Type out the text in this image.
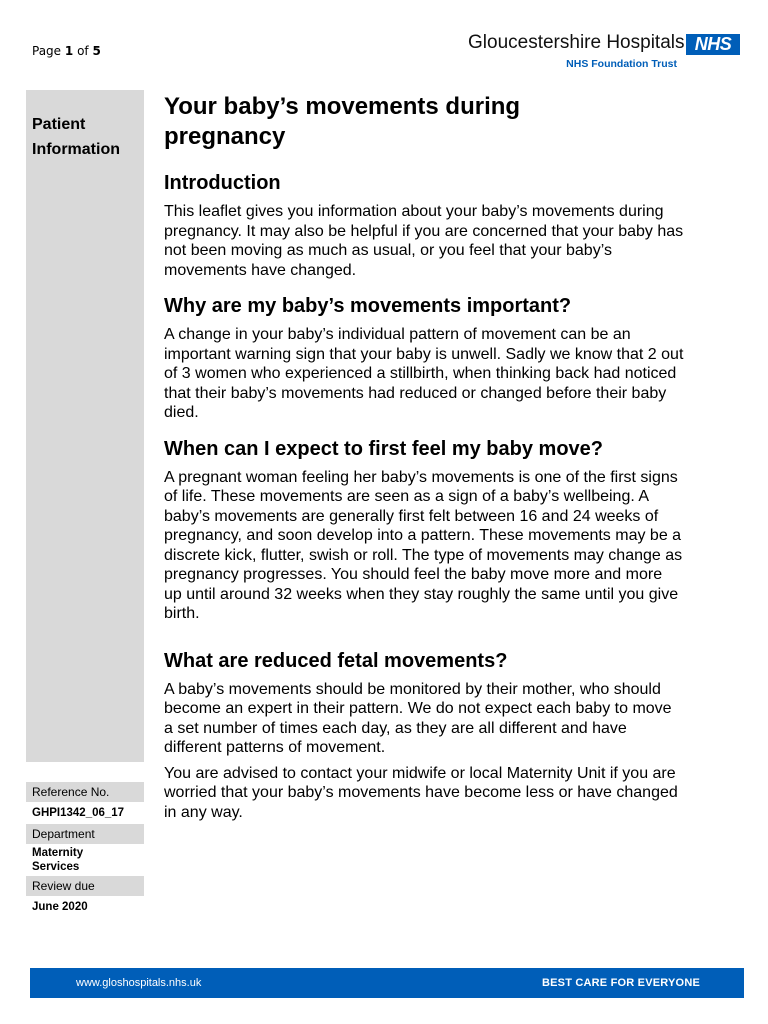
Page 1 of 5	Gloucestershire Hospitals NHS
NHS Foundation Trust
Patient
Information
Reference No.
GHPI1342_06_17
Department
Maternity
Services
Review due
June 2020
Your baby’s movements during
pregnancy
Introduction

This leaflet gives you information about your baby’s movements during pregnancy. It may also be helpful if you are concerned that your baby has not been moving as much as usual, or you feel that your baby’s movements have changed.

Why are my baby’s movements important?

A change in your baby’s individual pattern of movement can be an important warning sign that your baby is unwell. Sadly we know that 2 out of 3 women who experienced a stillbirth, when thinking back had noticed that their baby’s movements had reduced or changed before their baby died.

When can I expect to first feel my baby move?

A pregnant woman feeling her baby’s movements is one of the first signs of life. These movements are seen as a sign of a baby’s wellbeing. A baby’s movements are generally first felt between 16 and 24 weeks of pregnancy, and soon develop into a pattern. These movements may be a discrete kick, flutter, swish or roll. The type of movements may change as pregnancy progresses. You should feel the baby move more and more up until around 32 weeks when they stay roughly the same until you give birth.

What are reduced fetal movements?

A baby’s movements should be monitored by their mother, who should become an expert in their pattern. We do not expect each baby to move a set number of times each day, as they are all different and have different patterns of movement.

You are advised to contact your midwife or local Maternity Unit if you are worried that your baby’s movements have become less or have changed in any way.

www.gloshospitals.nhs.uk	BEST CARE FOR EVERYONE
